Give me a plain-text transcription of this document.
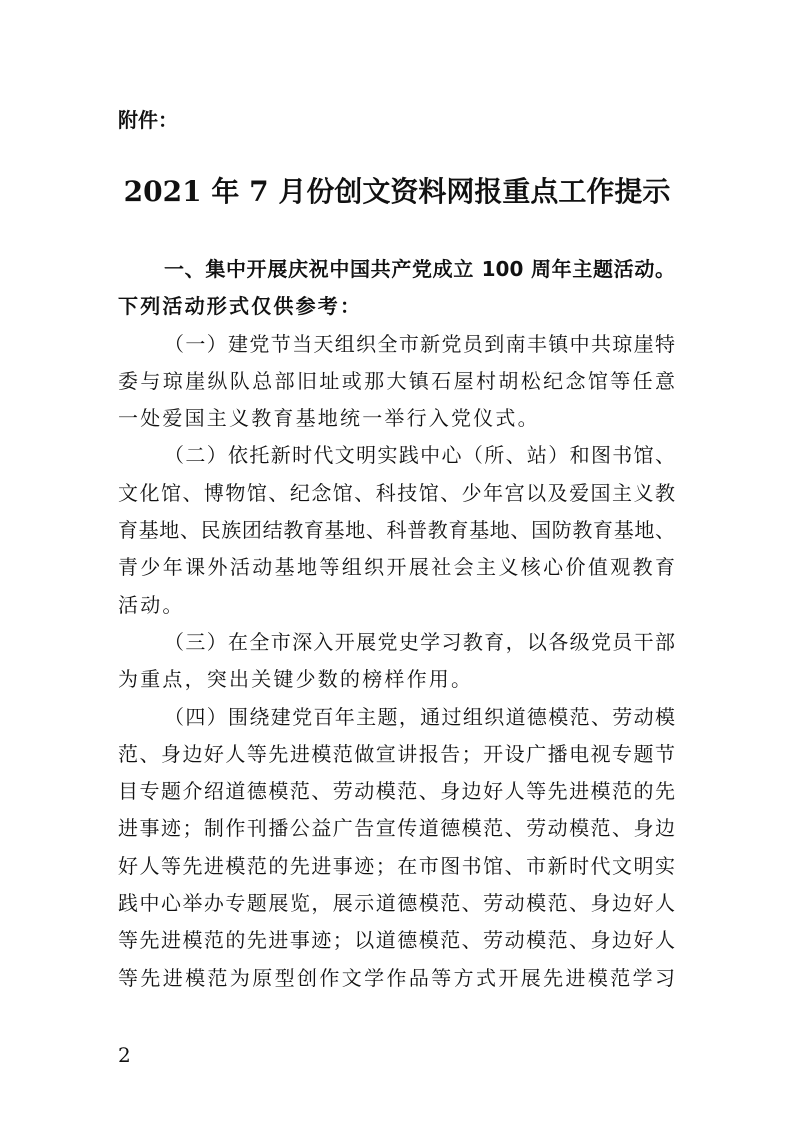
附件：
2021 年 7 月份创文资料网报重点工作提示
一、集中开展庆祝中国共产党成立 100 周年主题活动。
下列活动形式仅供参考：
（一）建党节当天组织全市新党员到南丰镇中共琼崖特
委与琼崖纵队总部旧址或那大镇石屋村胡松纪念馆等任意
一处爱国主义教育基地统一举行入党仪式。
（二）依托新时代文明实践中心（所、站）和图书馆、
文化馆、博物馆、纪念馆、科技馆、少年宫以及爱国主义教
育基地、民族团结教育基地、科普教育基地、国防教育基地、
青少年课外活动基地等组织开展社会主义核心价值观教育
活动。
（三）在全市深入开展党史学习教育，以各级党员干部
为重点，突出关键少数的榜样作用。
（四）围绕建党百年主题，通过组织道德模范、劳动模
范、身边好人等先进模范做宣讲报告；开设广播电视专题节
目专题介绍道德模范、劳动模范、身边好人等先进模范的先
进事迹；制作刊播公益广告宣传道德模范、劳动模范、身边
好人等先进模范的先进事迹；在市图书馆、市新时代文明实
践中心举办专题展览，展示道德模范、劳动模范、身边好人
等先进模范的先进事迹；以道德模范、劳动模范、身边好人
等先进模范为原型创作文学作品等方式开展先进模范学习
2
